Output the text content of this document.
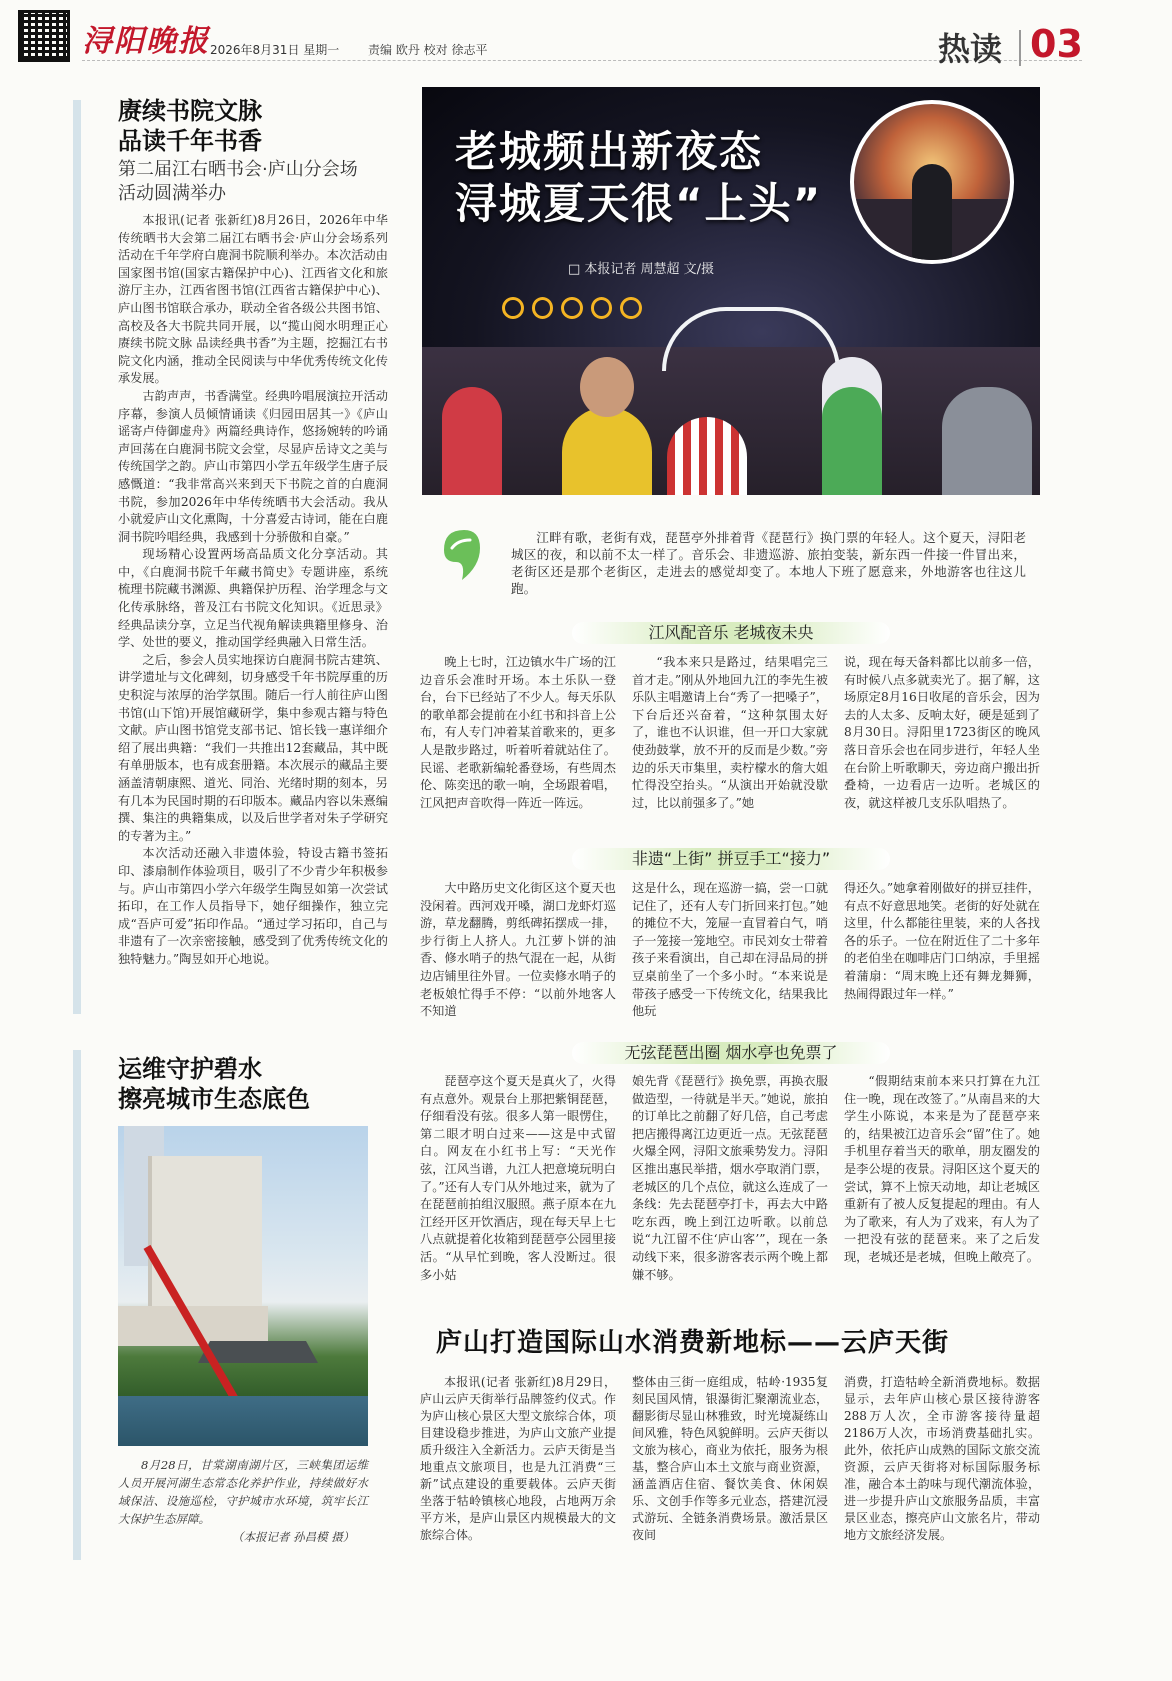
浔阳晚报 2026年8月31日 星期一 责编 欧丹 校对 徐志平	热读 03
赓续书院文脉
品读千年书香
第二届江右晒书会·庐山分会场
活动圆满举办

本报讯(记者 张新红)8月26日，2026年中华传统晒书大会第二届江右晒书会·庐山分会场系列活动在千年学府白鹿洞书院顺利举办。本次活动由国家图书馆(国家古籍保护中心)、江西省文化和旅游厅主办，江西省图书馆(江西省古籍保护中心)、庐山图书馆联合承办，联动全省各级公共图书馆、高校及各大书院共同开展，以“揽山阅水明理正心 赓续书院文脉 品读经典书香”为主题，挖掘江右书院文化内涵，推动全民阅读与中华优秀传统文化传承发展。

古韵声声，书香满堂。经典吟唱展演拉开活动序幕，参演人员倾情诵读《归园田居其一》《庐山谣寄卢侍御虚舟》两篇经典诗作，悠扬婉转的吟诵声回荡在白鹿洞书院文会堂，尽显庐岳诗文之美与传统国学之韵。庐山市第四小学五年级学生唐子辰感慨道：“我非常高兴来到天下书院之首的白鹿洞书院，参加2026年中华传统晒书大会活动。我从小就爱庐山文化熏陶，十分喜爱古诗词，能在白鹿洞书院吟唱经典，我感到十分骄傲和自豪。”

现场精心设置两场高品质文化分享活动。其中，《白鹿洞书院千年藏书简史》专题讲座，系统梳理书院藏书渊源、典籍保护历程、治学理念与文化传承脉络，普及江右书院文化知识。《近思录》经典品读分享，立足当代视角解读典籍里修身、治学、处世的要义，推动国学经典融入日常生活。

之后，参会人员实地探访白鹿洞书院古建筑、讲学遗址与文化碑刻，切身感受千年书院厚重的历史积淀与浓厚的治学氛围。随后一行人前往庐山图书馆(山下馆)开展馆藏研学，集中参观古籍与特色文献。庐山图书馆党支部书记、馆长钱一惠详细介绍了展出典籍：“我们一共推出12套藏品，其中既有单册版本，也有成套册籍。本次展示的藏品主要涵盖清朝康熙、道光、同治、光绪时期的刻本，另有几本为民国时期的石印版本。藏品内容以朱熹编撰、集注的典籍集成，以及后世学者对朱子学研究的专著为主。”

本次活动还融入非遗体验，特设古籍书签拓印、漆扇制作体验项目，吸引了不少青少年积极参与。庐山市第四小学六年级学生陶昱如第一次尝试拓印，在工作人员指导下，她仔细操作，独立完成“吾庐可爱”拓印作品。“通过学习拓印，自己与非遗有了一次亲密接触，感受到了优秀传统文化的独特魅力。”陶昱如开心地说。

运维守护碧水
擦亮城市生态底色
8月28日，甘棠湖南湖片区，三峡集团运维人员开展河湖生态常态化养护作业，持续做好水域保洁、设施巡检，守护城市水环境，筑牢长江大保护生态屏障。
（本报记者 孙昌模 摄）
老城频出新夜态
浔城夏天很“上头”
□ 本报记者 周慧超 文/摄

江畔有歌，老街有戏，琵琶亭外排着背《琵琶行》换门票的年轻人。这个夏天，浔阳老城区的夜，和以前不太一样了。音乐会、非遗巡游、旅拍变装，新东西一件接一件冒出来，老街区还是那个老街区，走进去的感觉却变了。本地人下班了愿意来，外地游客也往这儿跑。

江风配音乐 老城夜未央

晚上七时，江边镇水牛广场的江边音乐会准时开场。本土乐队一登台，台下已经站了不少人。每天乐队的歌单都会提前在小红书和抖音上公布，有人专门冲着某首歌来的，更多人是散步路过，听着听着就站住了。民谣、老歌新编轮番登场，有些周杰伦、陈奕迅的歌一响，全场跟着唱，江风把声音吹得一阵近一阵远。

“我本来只是路过，结果唱完三首才走。”刚从外地回九江的李先生被乐队主唱邀请上台“秀了一把嗓子”，下台后还兴奋着，“这种氛围太好了，谁也不认识谁，但一开口大家就使劲鼓掌，放不开的反而是少数。”旁边的乐天市集里，卖柠檬水的詹大姐忙得没空抬头。“从演出开始就没歇过，比以前强多了。”她

说，现在每天备料都比以前多一倍，有时候八点多就卖光了。据了解，这场原定8月16日收尾的音乐会，因为去的人太多、反响太好，硬是延到了8月30日。浔阳里1723街区的晚风落日音乐会也在同步进行，年轻人坐在台阶上听歌聊天，旁边商户搬出折叠椅，一边看店一边听。老城区的夜，就这样被几支乐队唱热了。

非遗“上街” 拼豆手工“接力”

大中路历史文化街区这个夏天也没闲着。西河戏开嗓，湖口龙虾灯巡游，草龙翻腾，剪纸碑拓摆成一排，步行街上人挤人。九江萝卜饼的油香、修水哨子的热气混在一起，从街边店铺里往外冒。一位卖修水哨子的老板娘忙得手不停：“以前外地客人不知道

这是什么，现在巡游一搞，尝一口就记住了，还有人专门折回来打包。”她的摊位不大，笼屉一直冒着白气，哨子一笼接一笼地空。市民刘女士带着孩子来看演出，自己却在浔品局的拼豆桌前坐了一个多小时。“本来说是带孩子感受一下传统文化，结果我比他玩

得还久。”她拿着刚做好的拼豆挂件，有点不好意思地笑。老街的好处就在这里，什么都能往里装，来的人各找各的乐子。一位在附近住了二十多年的老伯坐在咖啡店门口纳凉，手里摇着蒲扇：“周末晚上还有舞龙舞狮，热闹得跟过年一样。”

无弦琵琶出圈 烟水亭也免票了

琵琶亭这个夏天是真火了，火得有点意外。观景台上那把紫铜琵琶，仔细看没有弦。很多人第一眼愣住，第二眼才明白过来——这是中式留白。网友在小红书上写：“天光作弦，江风当谱，九江人把意境玩明白了。”还有人专门从外地过来，就为了在琵琶前拍组汉服照。燕子原本在九江经开区开饮酒店，现在每天早上七八点就提着化妆箱到琵琶亭公园里接活。“从早忙到晚，客人没断过。很多小姑

娘先背《琵琶行》换免票，再换衣服做造型，一待就是半天。”她说，旅拍的订单比之前翻了好几倍，自己考虑把店搬得离江边更近一点。无弦琵琶火爆全网，浔阳文旅乘势发力。浔阳区推出惠民举措，烟水亭取消门票，老城区的几个点位，就这么连成了一条线：先去琵琶亭打卡，再去大中路吃东西，晚上到江边听歌。以前总说“九江留不住‘庐山客’”，现在一条动线下来，很多游客表示两个晚上都嫌不够。

“假期结束前本来只打算在九江住一晚，现在改签了。”从南昌来的大学生小陈说，本来是为了琵琶亭来的，结果被江边音乐会“留”住了。她手机里存着当天的歌单，朋友圈发的是李公堤的夜景。浔阳区这个夏天的尝试，算不上惊天动地，却让老城区重新有了被人反复提起的理由。有人为了歌来，有人为了戏来，有人为了一把没有弦的琵琶来。来了之后发现，老城还是老城，但晚上敞亮了。

庐山打造国际山水消费新地标——云庐天街

本报讯(记者 张新红)8月29日，庐山云庐天街举行品牌签约仪式。作为庐山核心景区大型文旅综合体，项目建设稳步推进，为庐山文旅产业提质升级注入全新活力。云庐天街是当地重点文旅项目，也是九江消费“三新”试点建设的重要载体。云庐天街坐落于牯岭镇核心地段，占地两万余平方米，是庐山景区内规模最大的文旅综合体。

整体由三街一庭组成，牯岭·1935复刻民国风情，银瀑街汇聚潮流业态，翻影街尽显山林雅致，时光境凝练山间风雅，特色风貌鲜明。云庐天街以文旅为核心，商业为依托，服务为根基，整合庐山本土文旅与商业资源，涵盖酒店住宿、餐饮美食、休闲娱乐、文创手作等多元业态，搭建沉浸式游玩、全链条消费场景。激活景区夜间

消费，打造牯岭全新消费地标。数据显示，去年庐山核心景区接待游客288万人次，全市游客接待量超2186万人次，市场消费基础扎实。此外，依托庐山成熟的国际文旅交流资源，云庐天街将对标国际服务标准，融合本土韵味与现代潮流体验，进一步提升庐山文旅服务品质，丰富景区业态，擦亮庐山文旅名片，带动地方文旅经济发展。
